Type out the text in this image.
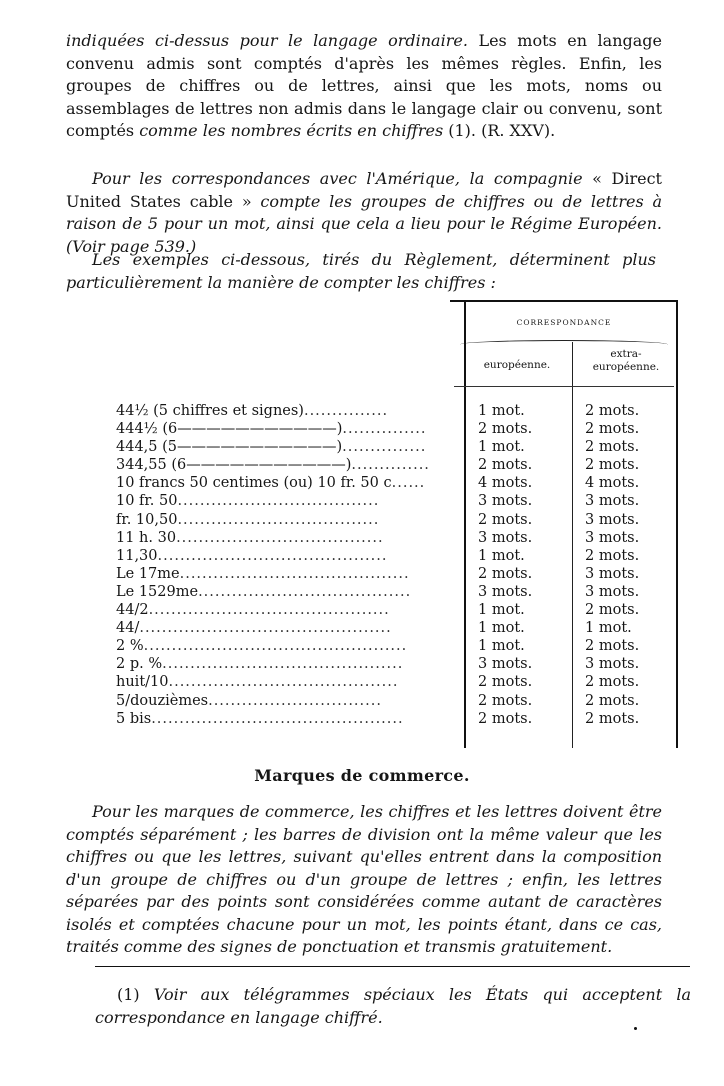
indiquées ci-dessus pour le langage ordinaire. Les mots en langage convenu admis sont comptés d'après les mêmes règles. Enfin, les groupes de chiffres ou de lettres, ainsi que les mots, noms ou assemblages de lettres non admis dans le langage clair ou convenu, sont comptés comme les nombres écrits en chiffres (1). (R. XXV).

Pour les correspondances avec l'Amérique, la compagnie « Direct United States cable » compte les groupes de chiffres ou de lettres à raison de 5 pour un mot, ainsi que cela a lieu pour le Régime Européen. (Voir page 539.)

Les exemples ci-dessous, tirés du Règlement, déterminent plus particulièrement la manière de compter les chiffres :

CORRESPONDANCE
européenne.
extra-
européenne.
44½ (5 chiffres et signes)...............	1 mot.	2 mots.
444½ (6———————————)...............	2 mots.	2 mots.
444,5 (5———————————)...............	1 mot.	2 mots.
344,55 (6———————————)..............	2 mots.	2 mots.
10 francs 50 centimes (ou) 10 fr. 50 c......	4 mots.	4 mots.
10 fr. 50....................................	3 mots.	3 mots.
fr. 10,50....................................	2 mots.	3 mots.
11 h. 30.....................................	3 mots.	3 mots.
11,30.........................................	1 mot.	2 mots.
Le 17me.........................................	2 mots.	3 mots.
Le 1529me......................................	3 mots.	3 mots.
44/2...........................................	1 mot.	2 mots.
44/.............................................	1 mot.	1 mot.
2 %...............................................	1 mot.	2 mots.
2 p. %...........................................	3 mots.	3 mots.
huit/10.........................................	2 mots.	2 mots.
5/douzièmes...............................	2 mots.	2 mots.
5 bis.............................................	2 mots.	2 mots.
Marques de commerce.

Pour les marques de commerce, les chiffres et les lettres doivent être comptés séparément ; les barres de division ont la même valeur que les chiffres ou que les lettres, suivant qu'elles entrent dans la composition d'un groupe de chiffres ou d'un groupe de lettres ; enfin, les lettres séparées par des points sont considérées comme autant de caractères isolés et comptées chacune pour un mot, les points étant, dans ce cas, traités comme des signes de ponctuation et transmis gratuitement.

(1) Voir aux télégrammes spéciaux les États qui acceptent la correspondance en langage chiffré.
